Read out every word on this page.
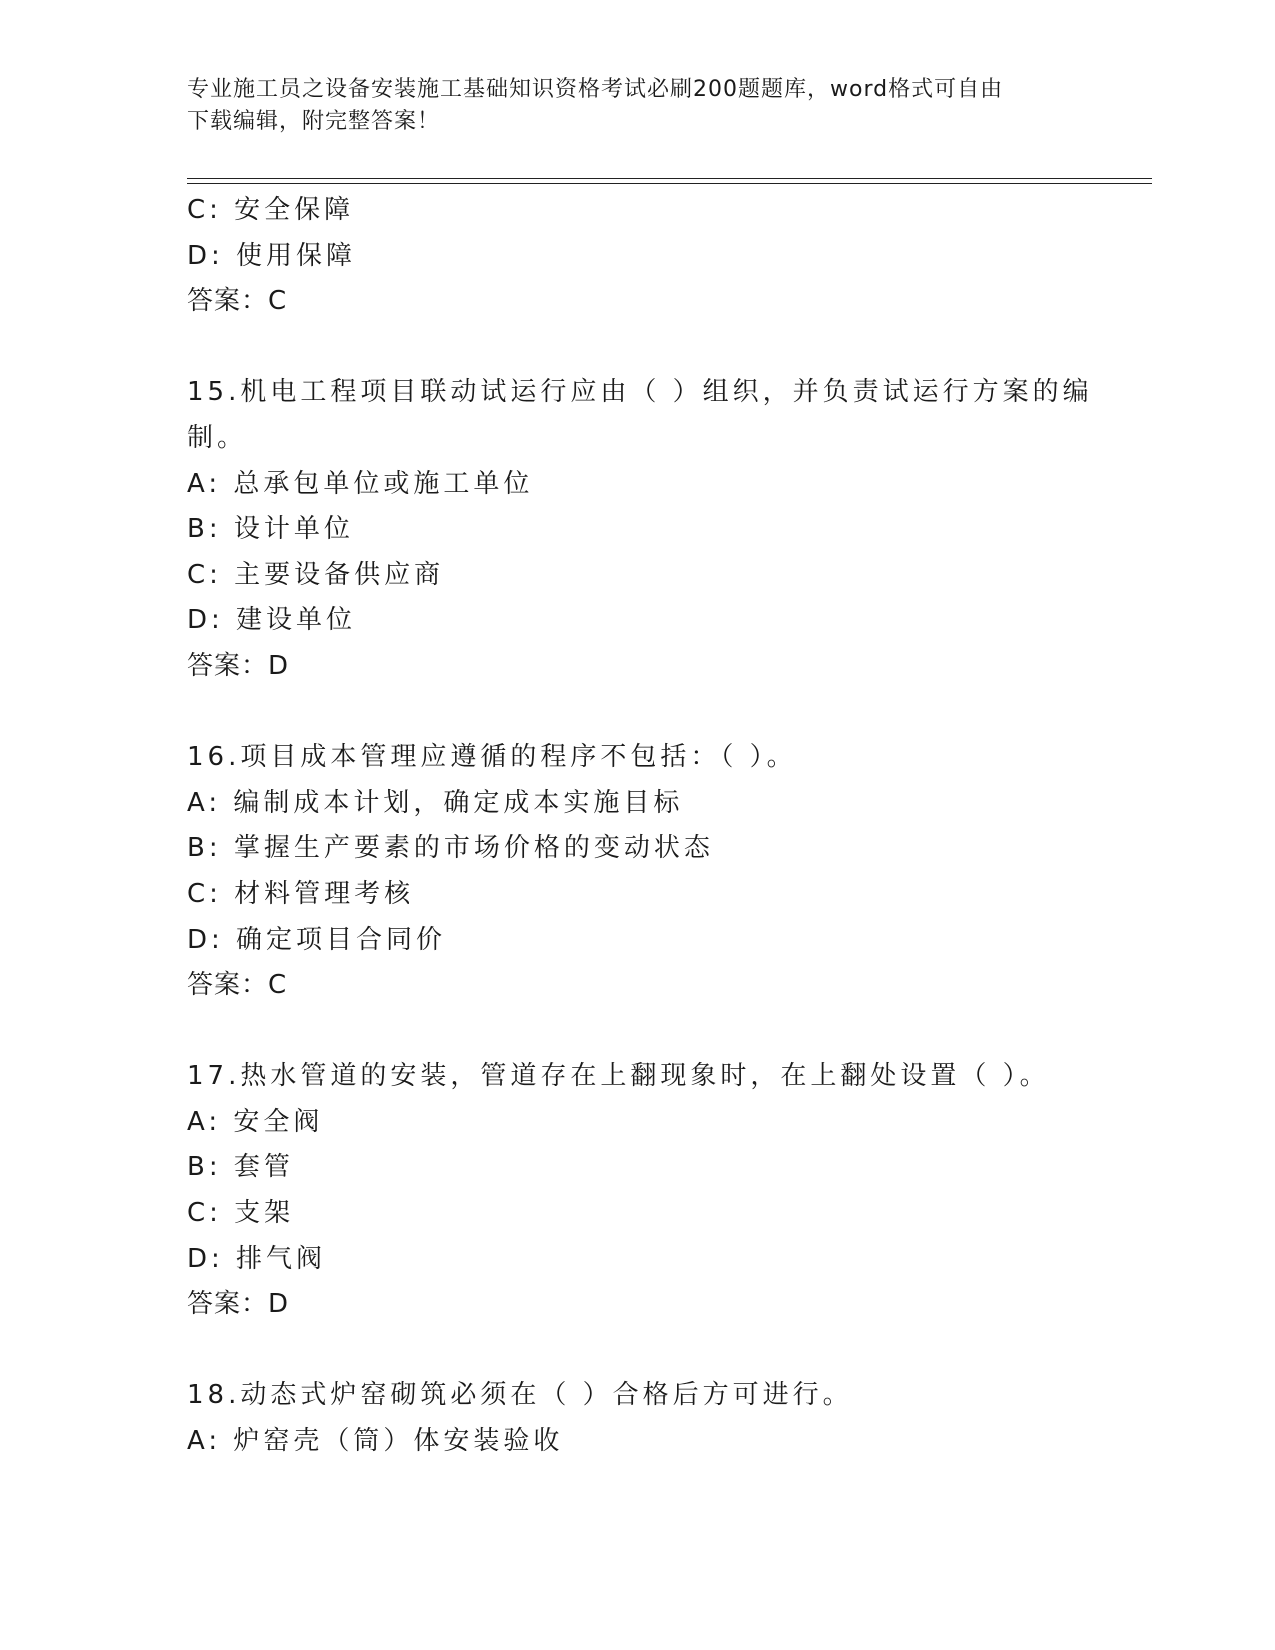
专业施工员之设备安装施工基础知识资格考试必刷200题题库，word格式可自由
下载编辑，附完整答案！
C: 安全保障
D: 使用保障
答案：C
15.机电工程项目联动试运行应由（ ）组织，并负责试运行方案的编
制。
A: 总承包单位或施工单位
B: 设计单位
C: 主要设备供应商
D: 建设单位
答案：D
16.项目成本管理应遵循的程序不包括：（ ）。
A: 编制成本计划，确定成本实施目标
B: 掌握生产要素的市场价格的变动状态
C: 材料管理考核
D: 确定项目合同价
答案：C
17.热水管道的安装，管道存在上翻现象时，在上翻处设置（ ）。
A: 安全阀
B: 套管
C: 支架
D: 排气阀
答案：D
18.动态式炉窑砌筑必须在（ ）合格后方可进行。
A: 炉窑壳（筒）体安装验收
